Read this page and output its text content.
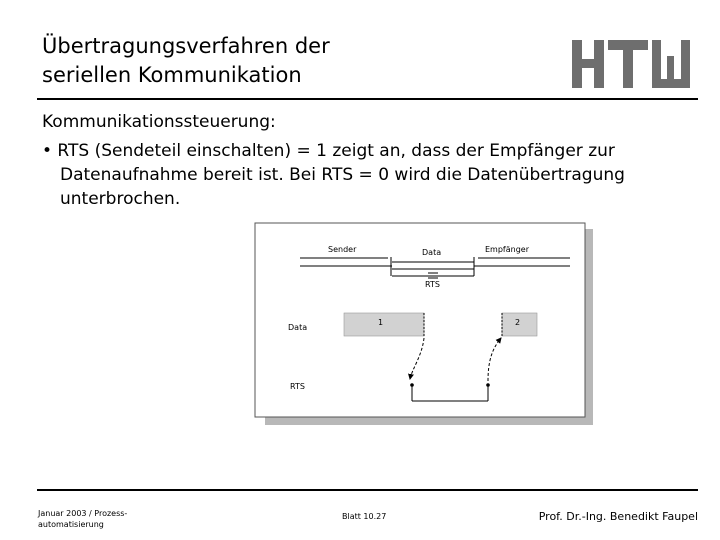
Übertragungsverfahren der
seriellen Kommunikation
Kommunikationssteuerung:
• RTS (Sendeteil einschalten) = 1 zeigt an, dass der Empfänger zur
Datenaufnahme bereit ist. Bei RTS = 0 wird die Datenübertragung
unterbrochen.
Sender	Data	Empfänger
RTS
Data
1	2
RTS
Januar 2003 / Prozess-
automatisierung
Blatt 10.27	Prof. Dr.-Ing. Benedikt Faupel
